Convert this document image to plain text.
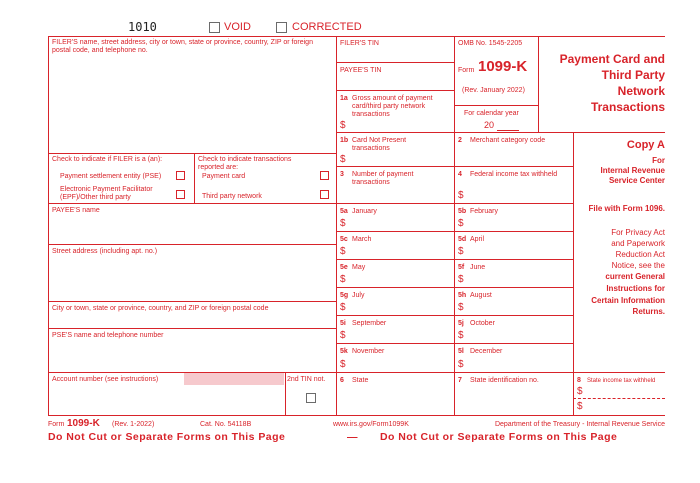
1010	VOID	CORRECTED
FILER'S name, street address, city or town, state or province, country, ZIP or foreign postal code, and telephone no.
Check to indicate if FILER is a (an):
Payment settlement entity (PSE)
Electronic Payment Facilitator (EPF)/Other third party
Check to indicate transactions reported are:
Payment card
Third party network
PAYEE'S name
Street address (including apt. no.)
City or town, state or province, country, and ZIP or foreign postal code
PSE'S name and telephone number
Account number (see instructions)	2nd TIN not.
FILER'S TIN
PAYEE'S TIN
1a Gross amount of payment card/third party network transactions
$
OMB No. 1545-2205
Form 1099-K
(Rev. January 2022)
For calendar year
20
Payment Card and
Third Party
Network
Transactions
Copy A
For
Internal Revenue
Service Center
File with Form 1096.
For Privacy Act
and Paperwork
Reduction Act
Notice, see the
current General
Instructions for
Certain Information
Returns.
1b Card Not Present transactions
$
2 Merchant category code
3 Number of payment transactions
4 Federal income tax withheld
$
5a January
$
5b February
$
5c March
$
5d April
$
5e May
$
5f June
$
5g July
$
5h August
$
5i September
$
5j October
$
5k November
$
5l December
$
6 State	7 State identification no.	8 State income tax withheld
$
$
Form 1099-K (Rev. 1-2022)	Cat. No. 54118B	www.irs.gov/Form1099K	Department of the Treasury - Internal Revenue Service
Do Not Cut or Separate Forms on This Page	— Do Not Cut or Separate Forms on This Page
